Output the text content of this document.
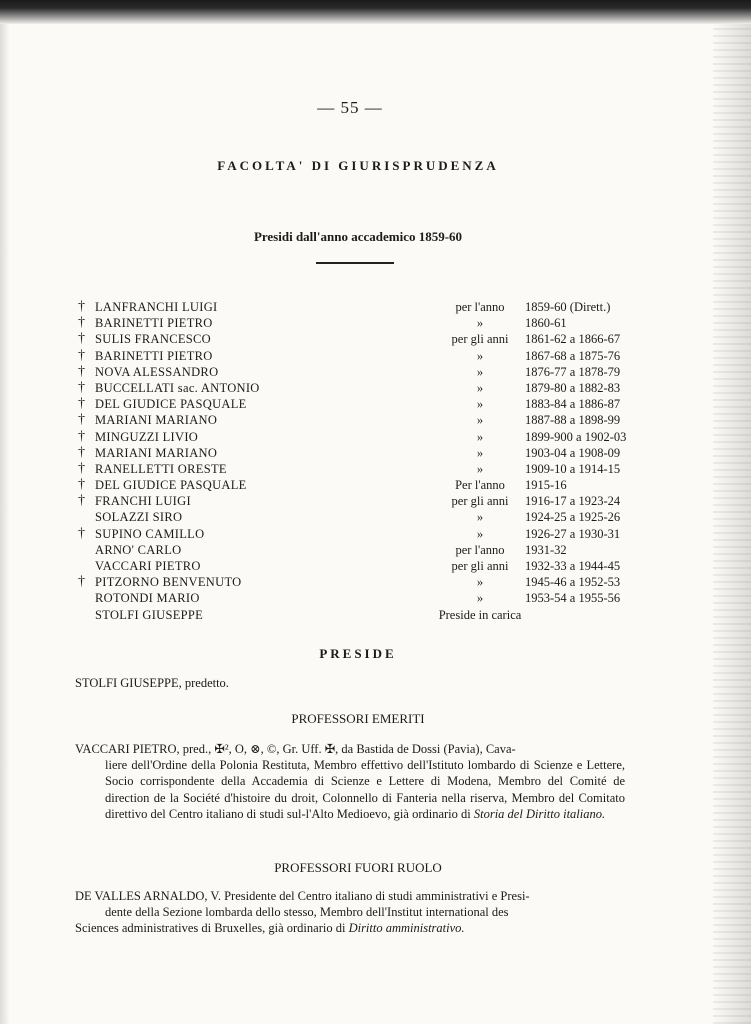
— 55 —
FACOLTA' DI GIURISPRUDENZA
Presidi dall'anno accademico 1859-60
† LANFRANCHI LUIGI	per l'anno	1859-60 (Dirett.)
† BARINETTI PIETRO	»	1860-61
† SULIS FRANCESCO	per gli anni	1861-62 a 1866-67
† BARINETTI PIETRO	»	1867-68 a 1875-76
† NOVA ALESSANDRO	»	1876-77 a 1878-79
† BUCCELLATI sac. ANTONIO	»	1879-80 a 1882-83
† DEL GIUDICE PASQUALE	»	1883-84 a 1886-87
† MARIANI MARIANO	»	1887-88 a 1898-99
† MINGUZZI LIVIO	»	1899-900 a 1902-03
† MARIANI MARIANO	»	1903-04 a 1908-09
† RANELLETTI ORESTE	»	1909-10 a 1914-15
† DEL GIUDICE PASQUALE	Per l'anno	1915-16
† FRANCHI LUIGI	per gli anni	1916-17 a 1923-24
SOLAZZI SIRO	»	1924-25 a 1925-26
† SUPINO CAMILLO	»	1926-27 a 1930-31
ARNO' CARLO	per l'anno	1931-32
VACCARI PIETRO	per gli anni	1932-33 a 1944-45
† PITZORNO BENVENUTO	»	1945-46 a 1952-53
ROTONDI MARIO	»	1953-54 a 1955-56
STOLFI GIUSEPPE	Preside in carica
PRESIDE

STOLFI GIUSEPPE, predetto.

PROFESSORI EMERITI

VACCARI PIETRO, pred., ✠², O, ⊗, ©, Gr. Uff. ✠, da Bastida de Dossi (Pavia), Cava-
liere dell'Ordine della Polonia Restituta, Membro effettivo dell'Istituto lombardo di Scienze e Lettere, Socio corrispondente della Accademia di Scienze e Lettere di Modena, Membro del Comité de direction de la Société d'histoire du droit, Colonnello di Fanteria nella riserva, Membro del Comitato direttivo del Centro italiano di studi sul-l'Alto Medioevo, già ordinario di Storia del Diritto italiano.

PROFESSORI FUORI RUOLO

DE VALLES ARNALDO, V. Presidente del Centro italiano di studi amministrativi e Presi-
dente della Sezione lombarda dello stesso, Membro dell'Institut international des
Sciences administratives di Bruxelles, già ordinario di Diritto amministrativo.
